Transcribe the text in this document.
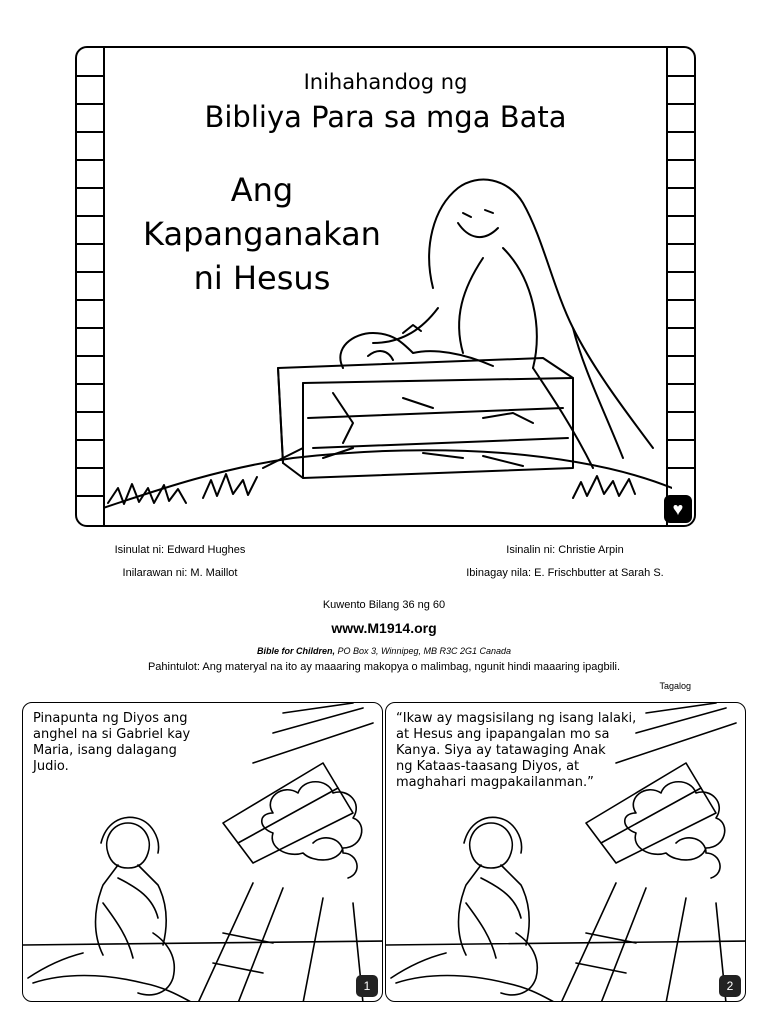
Inihahandog ng
Bibliya Para sa mga Bata
Ang
Kapanganakan
ni Hesus
♥
Isinulat ni: Edward Hughes
Inilarawan ni: M. Maillot
Isinalin ni: Christie Arpin
Ibinagay nila: E. Frischbutter at Sarah S.
Kuwento Bilang 36 ng 60
www.M1914.org
Bible for Children, PO Box 3, Winnipeg, MB R3C 2G1 Canada
Pahintulot: Ang materyal na ito ay maaaring makopya o malimbag, ngunit hindi maaaring ipagbili.
Tagalog
Pinapunta ng Diyos ang
anghel na si Gabriel kay
Maria, isang dalagang
Judio.
1
“Ikaw ay magsisilang ng isang lalaki,
at Hesus ang ipapangalan mo sa
Kanya. Siya ay tatawaging Anak
ng Kataas-taasang Diyos, at
maghahari magpakailanman.”
2
